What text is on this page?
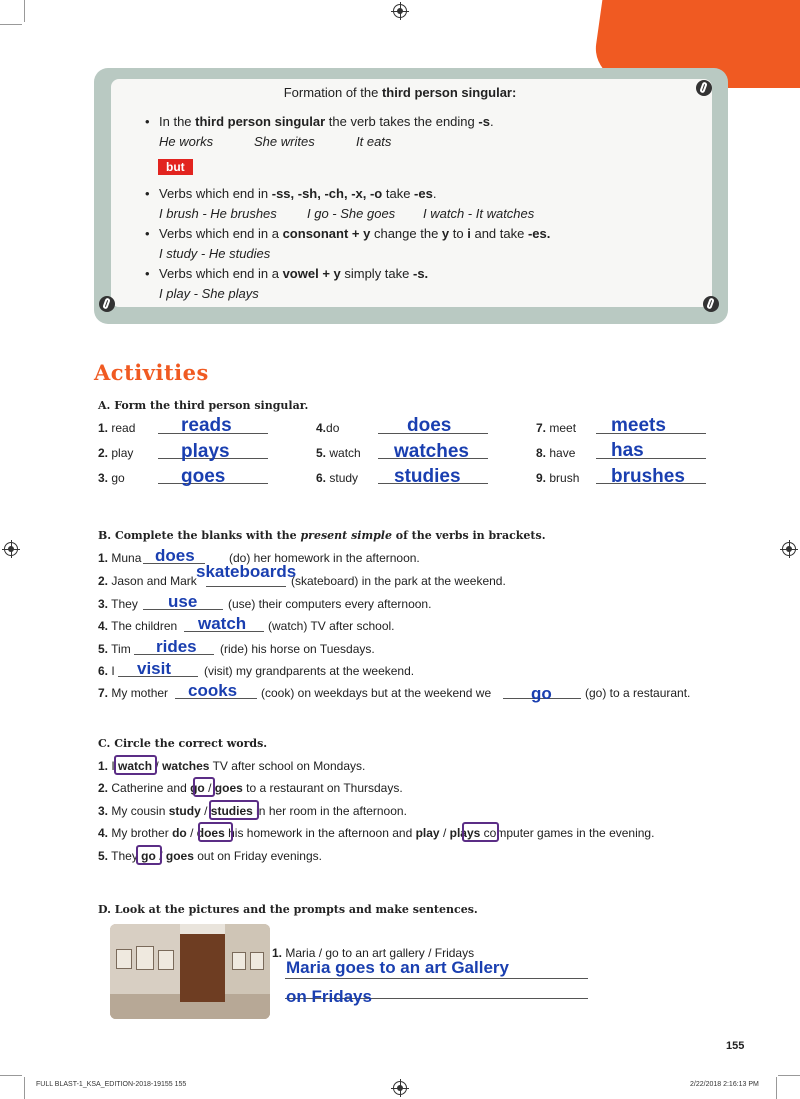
Formation of the third person singular:
• In the third person singular the verb takes the ending -s.
He works	She writes	It eats
but
• Verbs which end in -ss, -sh, -ch, -x, -o take -es.
I brush - He brushes I go - She goes I watch - It watches
• Verbs which end in a consonant + y change the y to i and take -es.
I study - He studies
• Verbs which end in a vowel + y simply take -s.
I play - She plays
Activities
A. Form the third person singular.
1. read reads
2. play	plays
3. go	goes
4.do	does
5. watch watches
6. study studies
7. meet meets
8. have has
9. brush brushes
B. Complete the blanks with the present simple of the verbs in brackets.
1. Muna does	(do) her homework in the afternoon.
2. Jason and Mark skateboards
(skateboard) in the park at the weekend.
3. They use	(use) their computers every afternoon.
4. The children watch (watch) TV after school.
5. Tim rides (ride) his horse on Tuesdays.
6. I visit	(visit) my grandparents at the weekend.
7. My mother cooks (cook) on weekdays but at the weekend we go	(go) to a restaurant.
C. Circle the correct words.
1. I watch / watches TV after school on Mondays.
2. Catherine and go / goes to a restaurant on Thursdays.
3. My cousin study / studies in her room in the afternoon.
4. My brother do / does his homework in the afternoon and play / plays computer games in the evening.
5. They go / goes out on Friday evenings.
D. Look at the pictures and the prompts and make sentences.
1. Maria / go to an art gallery / Fridays
Maria goes to an art Gallery
on Fridays
155
FULL BLAST-1_KSA_EDITION-2018-19155 155	2/22/2018 2:16:13 PM
